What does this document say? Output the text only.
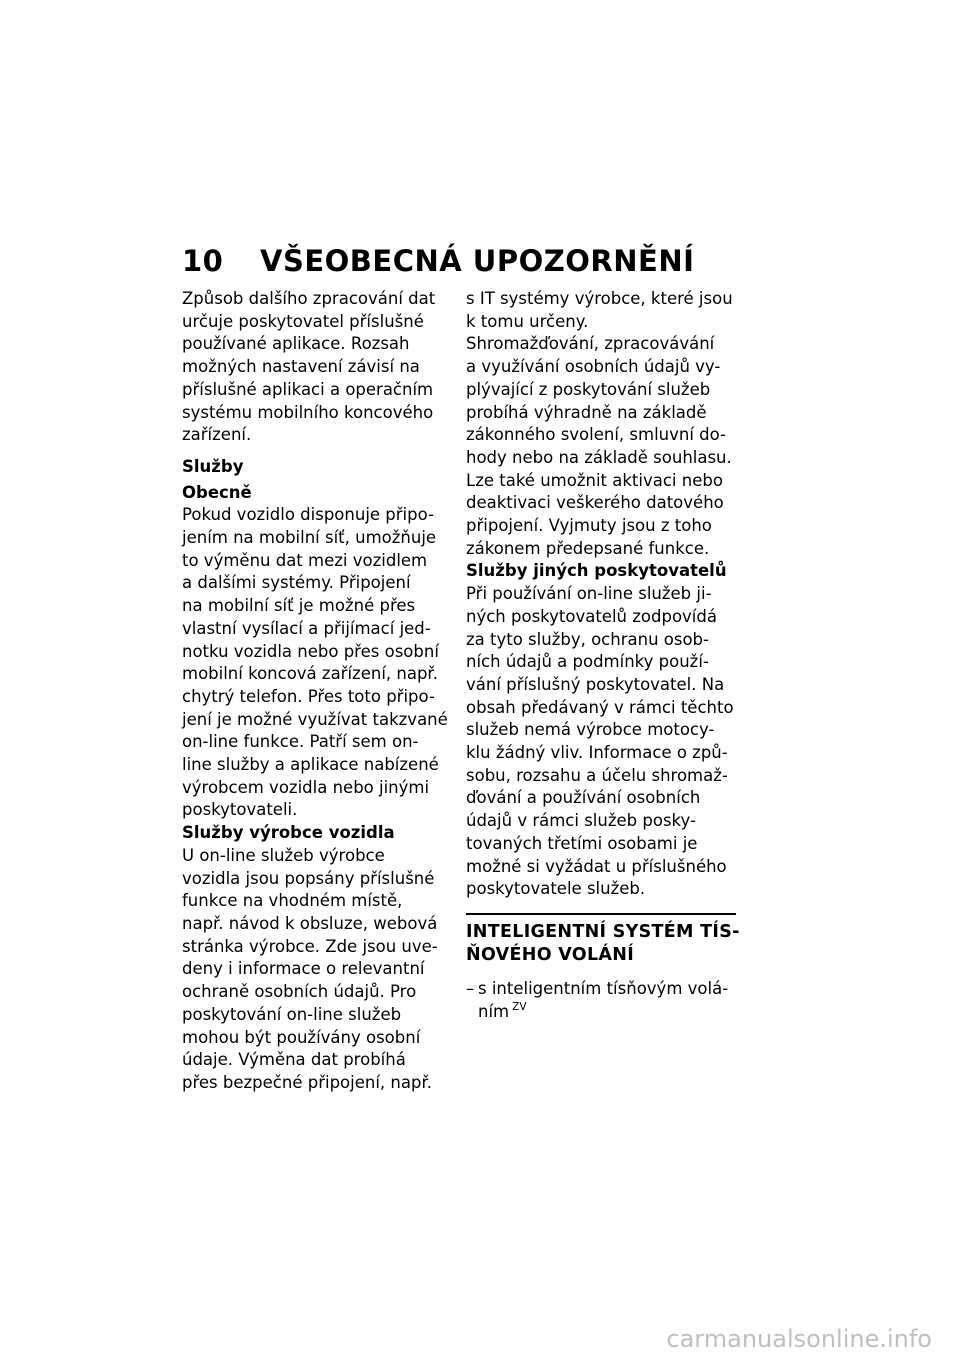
10 VŠEOBECNÁ UPOZORNĚNÍ
Způsob dalšího zpracování dat
určuje poskytovatel příslušné
používané aplikace. Rozsah
možných nastavení závisí na
příslušné aplikaci a operačním
systému mobilního koncového
zařízení.
Služby
Obecně
Pokud vozidlo disponuje připo-
jením na mobilní síť, umožňuje
to výměnu dat mezi vozidlem
a dalšími systémy. Připojení
na mobilní síť je možné přes
vlastní vysílací a přijímací jed-
notku vozidla nebo přes osobní
mobilní koncová zařízení, např.
chytrý telefon. Přes toto připo-
jení je možné využívat takzvané
on-line funkce. Patří sem on-
line služby a aplikace nabízené
výrobcem vozidla nebo jinými
poskytovateli.
Služby výrobce vozidla
U on-line služeb výrobce
vozidla jsou popsány příslušné
funkce na vhodném místě,
např. návod k obsluze, webová
stránka výrobce. Zde jsou uve-
deny i informace o relevantní
ochraně osobních údajů. Pro
poskytování on-line služeb
mohou být používány osobní
údaje. Výměna dat probíhá
přes bezpečné připojení, např.
s IT systémy výrobce, které jsou
k tomu určeny.
Shromažďování, zpracovávání
a využívání osobních údajů vy-
plývající z poskytování služeb
probíhá výhradně na základě
zákonného svolení, smluvní do-
hody nebo na základě souhlasu.
Lze také umožnit aktivaci nebo
deaktivaci veškerého datového
připojení. Vyjmuty jsou z toho
zákonem předepsané funkce.
Služby jiných poskytovatelů
Při používání on-line služeb ji-
ných poskytovatelů zodpovídá
za tyto služby, ochranu osob-
ních údajů a podmínky použí-
vání příslušný poskytovatel. Na
obsah předávaný v rámci těchto
služeb nemá výrobce motocy-
klu žádný vliv. Informace o způ-
sobu, rozsahu a účelu shromaž-
ďování a používání osobních
údajů v rámci služeb posky-
tovaných třetími osobami je
možné si vyžádat u příslušného
poskytovatele služeb.
INTELIGENTNÍ SYSTÉM TÍS-
ŇOVÉHO VOLÁNÍ
– s inteligentním tísňovým volá-
ním $^{ZV}$
carmanualsonline.info
